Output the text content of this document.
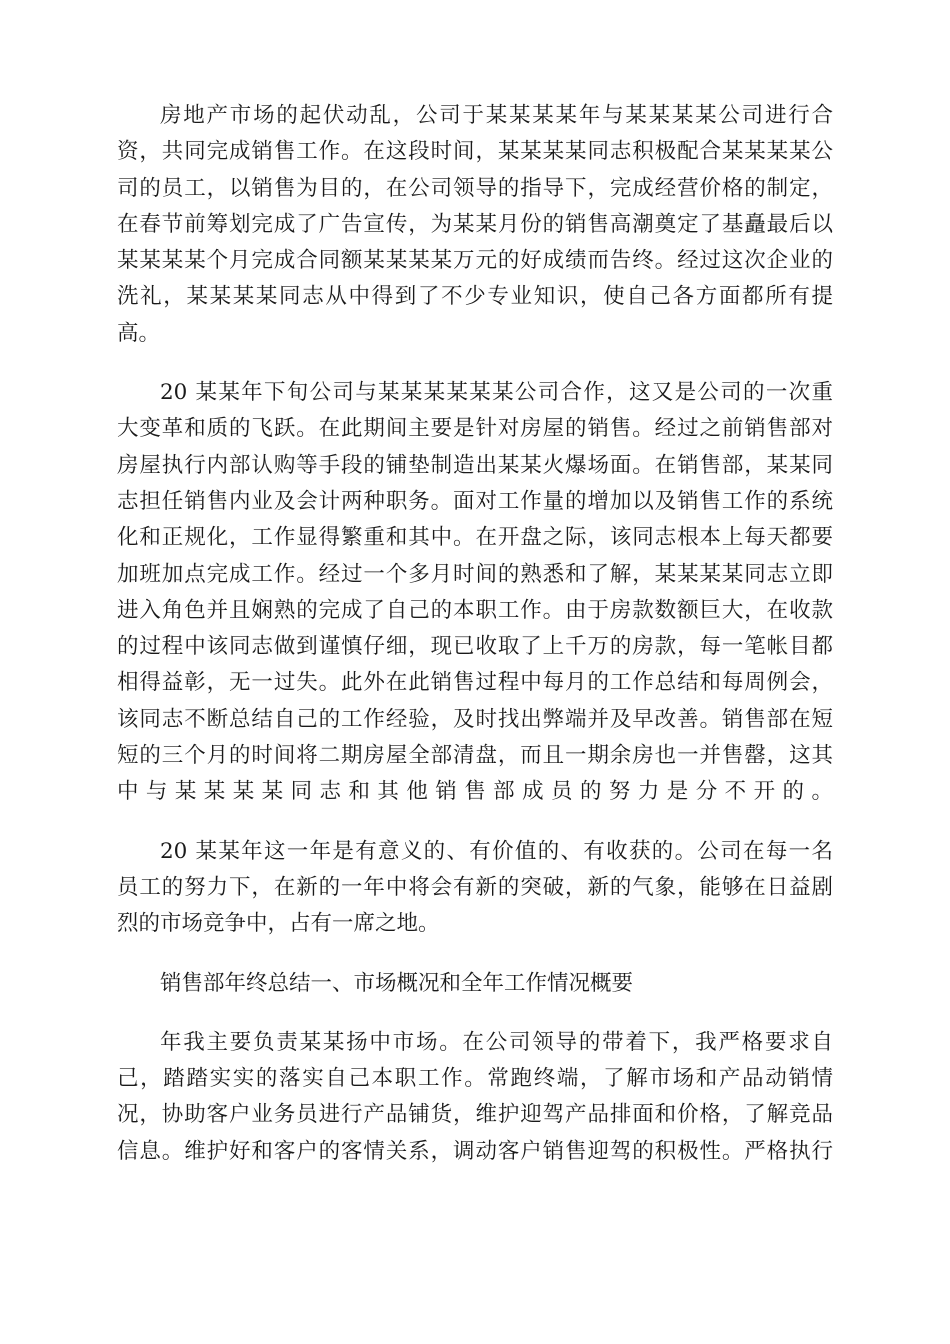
房地产市场的起伏动乱，公司于某某某某年与某某某某公司进行合
资，共同完成销售工作。在这段时间，某某某某同志积极配合某某某某公
司的员工，以销售为目的，在公司领导的指导下，完成经营价格的制定，
在春节前筹划完成了广告宣传，为某某月份的销售高潮奠定了基矗最后以
某某某某个月完成合同额某某某某万元的好成绩而告终。经过这次企业的
洗礼，某某某某同志从中得到了不少专业知识，使自己各方面都所有提
高。
20 某某年下旬公司与某某某某某某公司合作，这又是公司的一次重
大变革和质的飞跃。在此期间主要是针对房屋的销售。经过之前销售部对
房屋执行内部认购等手段的铺垫制造出某某火爆场面。在销售部，某某同
志担任销售内业及会计两种职务。面对工作量的增加以及销售工作的系统
化和正规化，工作显得繁重和其中。在开盘之际，该同志根本上每天都要
加班加点完成工作。经过一个多月时间的熟悉和了解，某某某某同志立即
进入角色并且娴熟的完成了自己的本职工作。由于房款数额巨大，在收款
的过程中该同志做到谨慎仔细，现已收取了上千万的房款，每一笔帐目都
相得益彰，无一过失。此外在此销售过程中每月的工作总结和每周例会，
该同志不断总结自己的工作经验，及时找出弊端并及早改善。销售部在短
短的三个月的时间将二期房屋全部清盘，而且一期余房也一并售罄，这其
中与某某某某同志和其他销售部成员的努力是分不开的。
20 某某年这一年是有意义的、有价值的、有收获的。公司在每一名
员工的努力下，在新的一年中将会有新的突破，新的气象，能够在日益剧
烈的市场竞争中，占有一席之地。
销售部年终总结一、市场概况和全年工作情况概要
年我主要负责某某扬中市场。在公司领导的带着下，我严格要求自
己，踏踏实实的落实自己本职工作。常跑终端，了解市场和产品动销情
况，协助客户业务员进行产品铺货，维护迎驾产品排面和价格，了解竞品
信息。维护好和客户的客情关系，调动客户销售迎驾的积极性。严格执行
